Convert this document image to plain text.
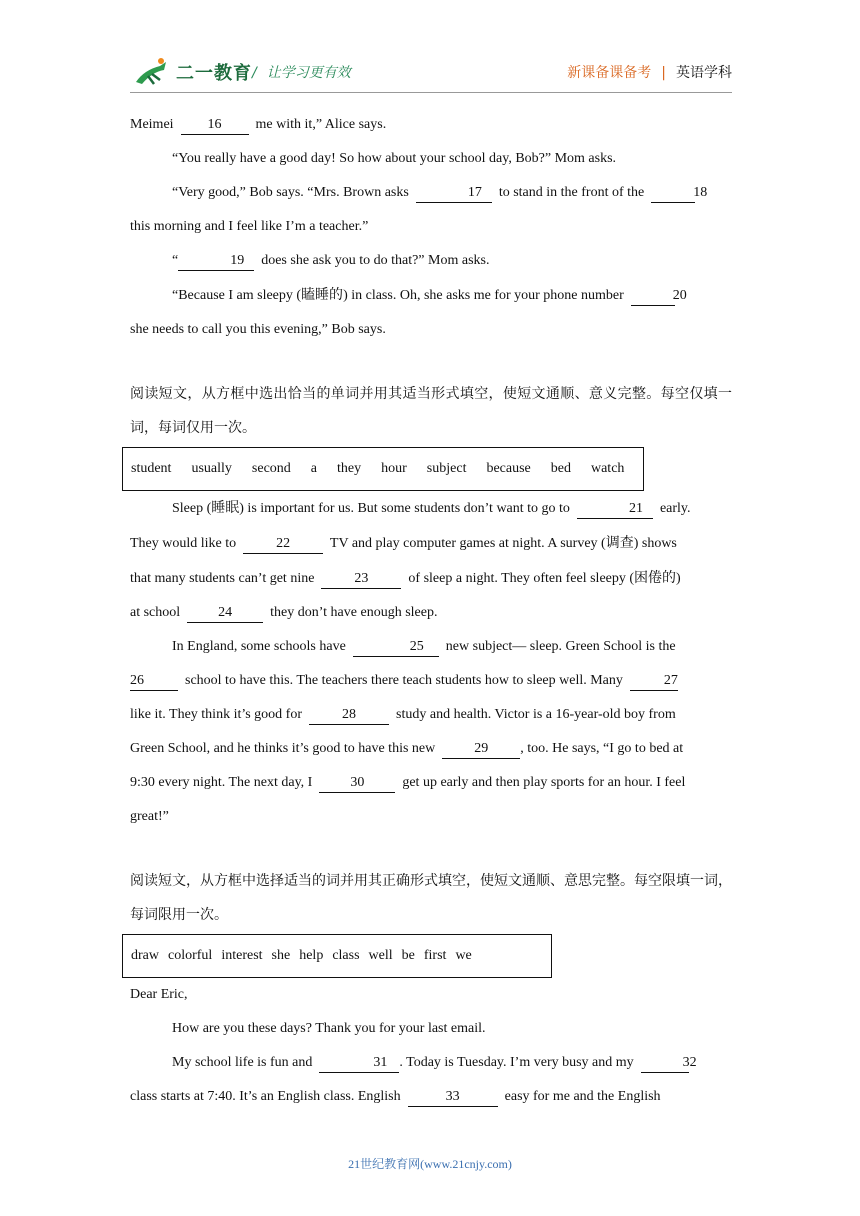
二一教育 / 让学习更有效	新课备课备考 | 英语学科

Meimei 16 me with it,” Alice says.

“You really have a good day! So how about your school day, Bob?” Mom asks.

“Very good,” Bob says. “Mrs. Brown asks	17 to stand in the front of the	18

this morning and I feel like I’m a teacher.”

“	19 does she ask you to do that?” Mom asks.

“Because I am sleepy (瞌睡的) in class. Oh, she asks me for your phone number	20

she needs to call you this evening,” Bob says.

阅读短文，从方框中选出恰当的单词并用其适当形式填空，使短文通顺、意义完整。每空仅填一词，每词仅用一次。

student usually second a they hour subject because bed watch

Sleep (睡眠) is important for us. But some students don’t want to go to	21 early.

They would like to	22	TV and play computer games at night. A survey (调查) shows

that many students can’t get nine	23	of sleep a night. They often feel sleepy (困倦的)

at school	24	they don’t have enough sleep.

In England, some schools have	25 new subject— sleep. Green School is the

26	school to have this. The teachers there teach students how to sleep well. Many	27

like it. They think it’s good for	28	study and health. Victor is a 16-year-old boy from

Green School, and he thinks it’s good to have this new	29 , too. He says, “I go to bed at

9:30 every night. The next day, I	30	get up early and then play sports for an hour. I feel

great!”

阅读短文，从方框中选择适当的词并用其正确形式填空，使短文通顺、意思完整。每空限填一词，每词限用一次。

draw colorful interest she help class well be first we

Dear Eric,

How are you these days? Thank you for your last email.

My school life is fun and	31 . Today is Tuesday. I’m very busy and my	32

class starts at 7:40. It’s an English class. English	33	easy for me and the English

21世纪教育网(www.21cnjy.com)
